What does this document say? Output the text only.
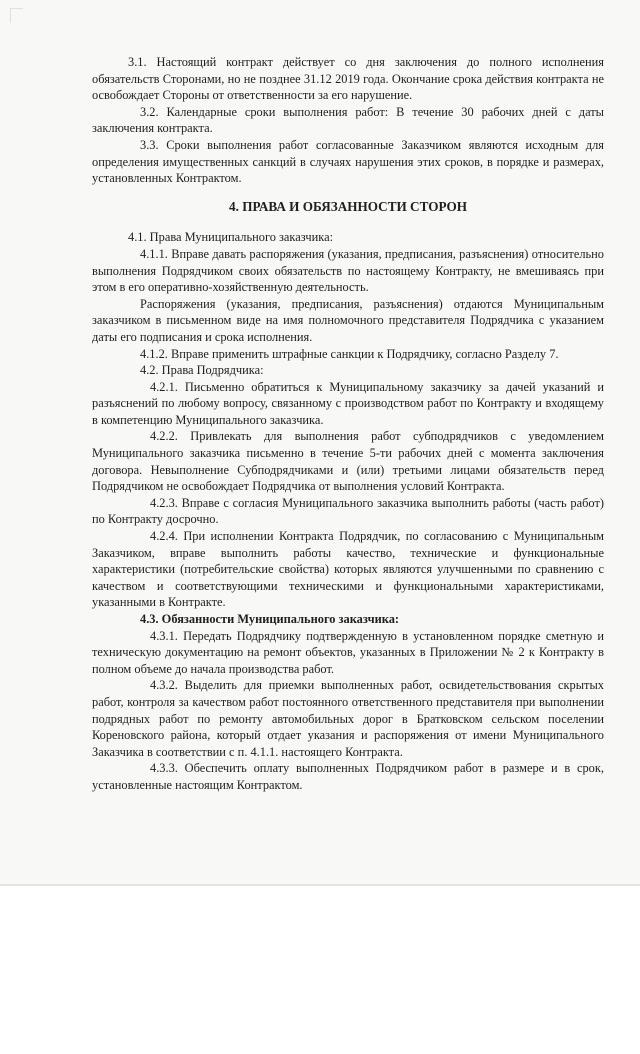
3.1. Настоящий контракт действует со дня заключения до полного исполнения обязательств Сторонами, но не позднее 31.12 2019 года. Окончание срока действия контракта не освобождает Стороны от ответственности за его нарушение.

3.2. Календарные сроки выполнения работ: В течение 30 рабочих дней с даты заключения контракта.

3.3. Сроки выполнения работ согласованные Заказчиком являются исходным для определения имущественных санкций в случаях нарушения этих сроков, в порядке и размерах, установленных Контрактом.

4. ПРАВА И ОБЯЗАННОСТИ СТОРОН

4.1. Права Муниципального заказчика:

4.1.1. Вправе давать распоряжения (указания, предписания, разъяснения) относительно выполнения Подрядчиком своих обязательств по настоящему Контракту, не вмешиваясь при этом в его оперативно-хозяйственную деятельность.

Распоряжения (указания, предписания, разъяснения) отдаются Муниципальным заказчиком в письменном виде на имя полномочного представителя Подрядчика с указанием даты его подписания и срока исполнения.

4.1.2. Вправе применить штрафные санкции к Подрядчику, согласно Разделу 7.

4.2. Права Подрядчика:

4.2.1. Письменно обратиться к Муниципальному заказчику за дачей указаний и разъяснений по любому вопросу, связанному с производством работ по Контракту и входящему в компетенцию Муниципального заказчика.

4.2.2. Привлекать для выполнения работ субподрядчиков с уведомлением Муниципального заказчика письменно в течение 5-ти рабочих дней с момента заключения договора. Невыполнение Субподрядчиками и (или) третьими лицами обязательств перед Подрядчиком не освобождает Подрядчика от выполнения условий Контракта.

4.2.3. Вправе с согласия Муниципального заказчика выполнить работы (часть работ) по Контракту досрочно.

4.2.4. При исполнении Контракта Подрядчик, по согласованию с Муниципальным Заказчиком, вправе выполнить работы качество, технические и функциональные характеристики (потребительские свойства) которых являются улучшенными по сравнению с качеством и соответствующими техническими и функциональными характеристиками, указанными в Контракте.

4.3. Обязанности Муниципального заказчика:

4.3.1. Передать Подрядчику подтвержденную в установленном порядке сметную и техническую документацию на ремонт объектов, указанных в Приложении № 2 к Контракту в полном объеме до начала производства работ.

4.3.2. Выделить для приемки выполненных работ, освидетельствования скрытых работ, контроля за качеством работ постоянного ответственного представителя при выполнении подрядных работ по ремонту автомобильных дорог в Братковском сельском поселении Кореновского района, который отдает указания и распоряжения от имени Муниципального Заказчика в соответствии с п. 4.1.1. настоящего Контракта.

4.3.3. Обеспечить оплату выполненных Подрядчиком работ в размере и в срок, установленные настоящим Контрактом.
